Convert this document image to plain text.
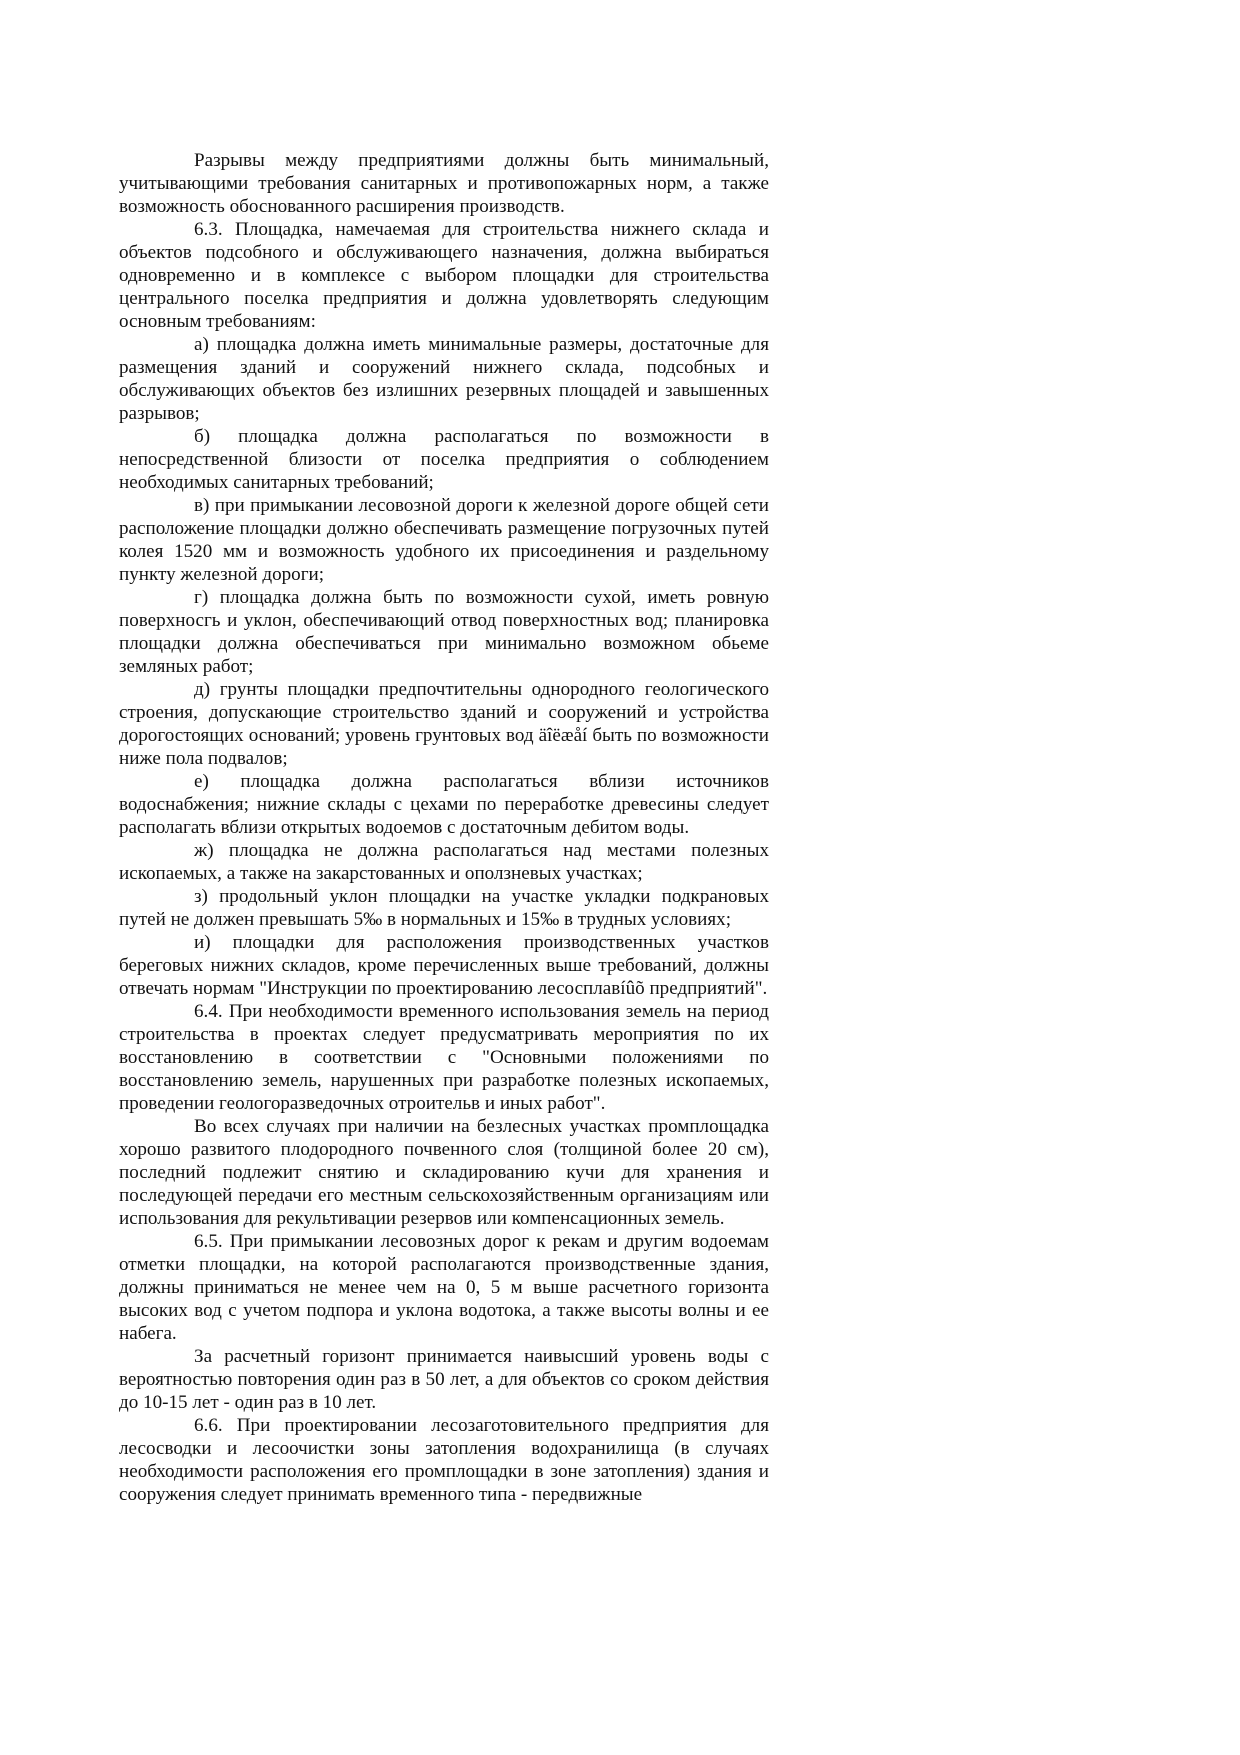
Разрывы между предприятиями должны быть минимальный, учитывающими требования санитарных и противопожарных норм, а также возможность обоснованного расширения производств.

6.3. Площадка, намечаемая для строительства нижнего склада и объектов подсобного и обслуживающего назначения, должна выбираться одновременно и в комплексе с выбором площадки для строительства центрального поселка предприятия и должна удовлетворять следующим основным требованиям:

а) площадка должна иметь минимальные размеры, достаточные для размещения зданий и сооружений нижнего склада, подсобных и обслуживающих объектов без излишних резервных площадей и завышенных разрывов;

б) площадка должна располагаться по возможности в непосредственной близости от поселка предприятия о соблюдением необходимых санитарных требований;

в) при примыкании лесовозной дороги к железной дороге общей сети расположение площадки должно обеспечивать размещение погрузочных путей колея 1520 мм и возможность удобного их присоединения и раздельному пункту железной дороги;

г) площадка должна быть по возможности сухой, иметь ровную поверхносгь и уклон, обеспечивающий отвод поверхностных вод; планировка площадки должна обеспечиваться при минимально возможном обьеме земляных работ;

д) грунты площадки предпочтительны однородного геологического строения, допускающие строительство зданий и сооружений и устройства дорогостоящих оснований; уровень грунтовых вод äîëæåí быть по возможности ниже пола подвалов;

е) площадка должна располагаться вблизи источников водоснабжения; нижние склады с цехами по переработке древесины следует располагать вблизи открытых водоемов с достаточным дебитом воды.

ж) площадка не должна располагаться над местами полезных ископаемых, а также на закарстованных и оползневых участках;

з) продольный уклон площадки на участке укладки подкрановых путей не должен превышать 5‰ в нормальных и 15‰ в трудных условиях;

и) площадки для расположения производственных участков береговых нижних складов, кроме перечисленных выше требований, должны отвечать нормам "Инструкции по проектированию лесосплавíûõ предприятий".

6.4. При необходимости временного использования земель на период строительства в проектах следует предусматривать мероприятия по их восстановлению в соответствии с "Основными положениями по восстановлению земель, нарушенных при разработке полезных ископаемых, проведении геологоразведочных отроительв и иных работ".

Во всех случаях при наличии на безлесных участках промплощадка хорошо развитого плодородного почвенного слоя (толщиной более 20 см), последний подлежит снятию и складированию кучи для хранения и последующей передачи его местным сельскохозяйственным организациям или использования для рекультивации резервов или компенсационных земель.

6.5. При примыкании лесовозных дорог к рекам и другим водоемам отметки площадки, на которой располагаются производственные здания, должны приниматься не менее чем на 0, 5 м выше расчетного горизонта высоких вод с учетом подпора и уклона водотока, а также высоты волны и ее набега.

За расчетный горизонт принимается наивысший уровень воды с вероятностью повторения один раз в 50 лет, а для объектов со сроком действия до 10-15 лет - один раз в 10 лет.

6.6. При проектировании лесозаготовительного предприятия для лесосводки и лесоочистки зоны затопления водохранилища (в случаях необходимости расположения его промплощадки в зоне затопления) здания и сооружения следует принимать временного типа - передвижные
